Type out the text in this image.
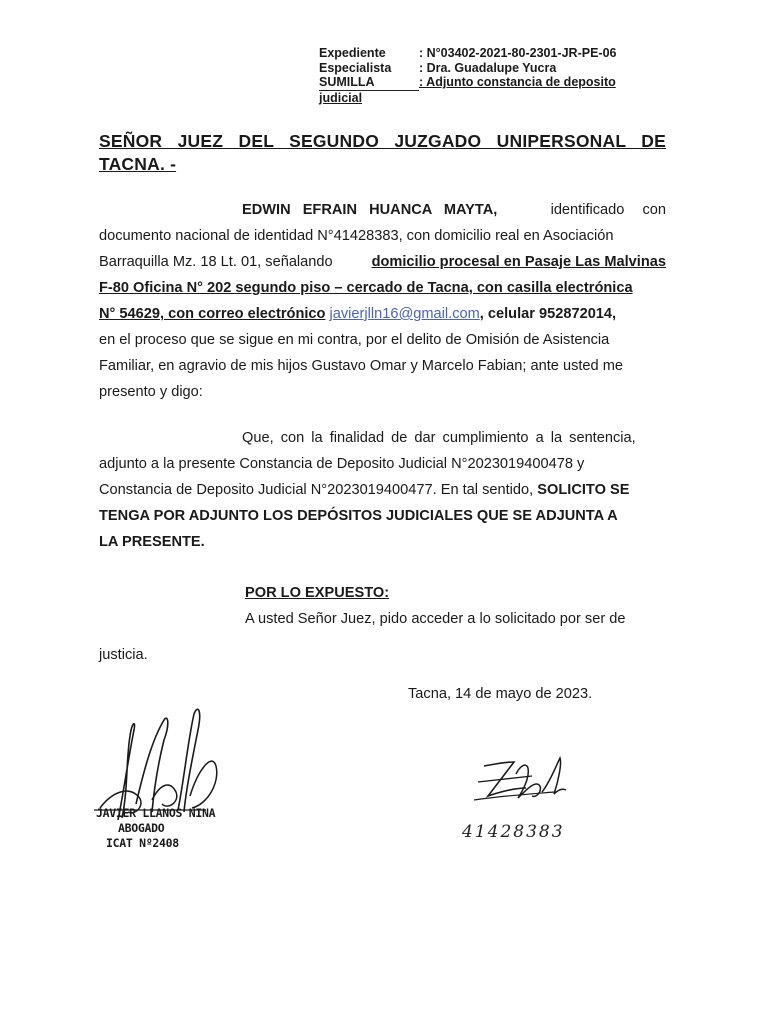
Expediente	: N°03402-2021-80-2301-JR-PE-06
Especialista	: Dra. Guadalupe Yucra
SUMILLA	: Adjunto constancia de deposito
judicial
SEÑOR JUEZ DEL SEGUNDO JUZGADO UNIPERSONAL DE TACNA. -
EDWIN EFRAIN HUANCA MAYTA,	identificado con
documento nacional de identidad N°41428383, con domicilio real en Asociación
Barraquilla Mz. 18 Lt. 01, señalando	domicilio procesal en Pasaje Las Malvinas
F-80 Oficina N° 202 segundo piso – cercado de Tacna, con casilla electrónica
N° 54629, con correo electrónico javierjlln16@gmail.com, celular 952872014,
en el proceso que se sigue en mi contra, por el delito de Omisión de Asistencia
Familiar, en agravio de mis hijos Gustavo Omar y Marcelo Fabian; ante usted me
presento y digo:
Que, con la finalidad de dar cumplimiento a la sentencia,
adjunto a la presente Constancia de Deposito Judicial N°2023019400478 y
Constancia de Deposito Judicial N°2023019400477. En tal sentido, SOLICITO SE
TENGA POR ADJUNTO LOS DEPÓSITOS JUDICIALES QUE SE ADJUNTA A
LA PRESENTE.
POR LO EXPUESTO:
A usted Señor Juez, pido acceder a lo solicitado por ser de
justicia.
Tacna, 14 de mayo de 2023.
JAVIER LLANOS NINA
ABOGADO
ICAT Nº2408
41428383
